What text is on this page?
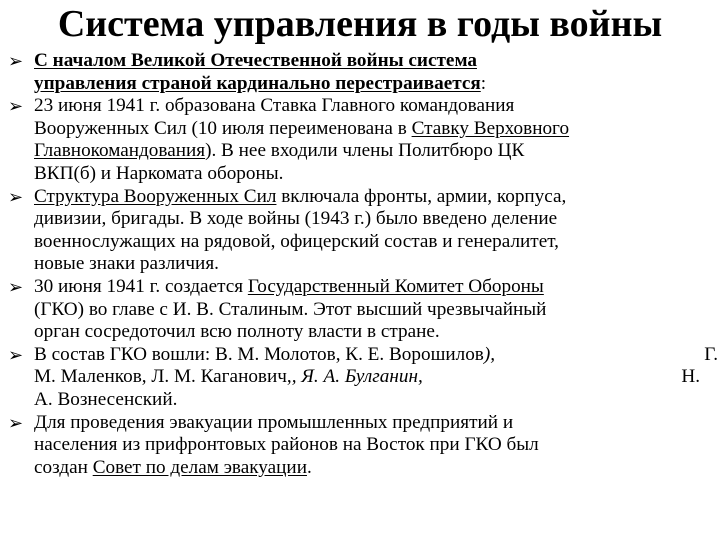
Система управления в годы войны
➢ С началом Великой Отечественной войны система
управления страной кардинально перестраивается:
➢ 23 июня 1941 г. образована Ставка Главного командования
Вооруженных Сил (10 июля переименована в Ставку Верховного
Главнокомандования). В нее входили члены Политбюро ЦК
ВКП(б) и Наркомата обороны.
➢ Структура Вооруженных Сил включала фронты, армии, корпуса,
дивизии, бригады. В ходе войны (1943 г.) было введено деление
военнослужащих на рядовой, офицерский состав и генералитет,
новые знаки различия.
➢ 30 июня 1941 г. создается Государственный Комитет Обороны
(ГКО) во главе с И. В. Сталиным. Этот высший чрезвычайный
орган сосредоточил всю полноту власти в стране.
➢ В состав ГКО вошли: В. М. Молотов, К. Е. Ворошилов),	Г.
М. Маленков, Л. М. Каганович,, Я. А. Булганин,	Н.
А. Вознесенский.
➢ Для проведения эвакуации промышленных предприятий и
населения из прифронтовых районов на Восток при ГКО был
создан Совет по делам эвакуации.
